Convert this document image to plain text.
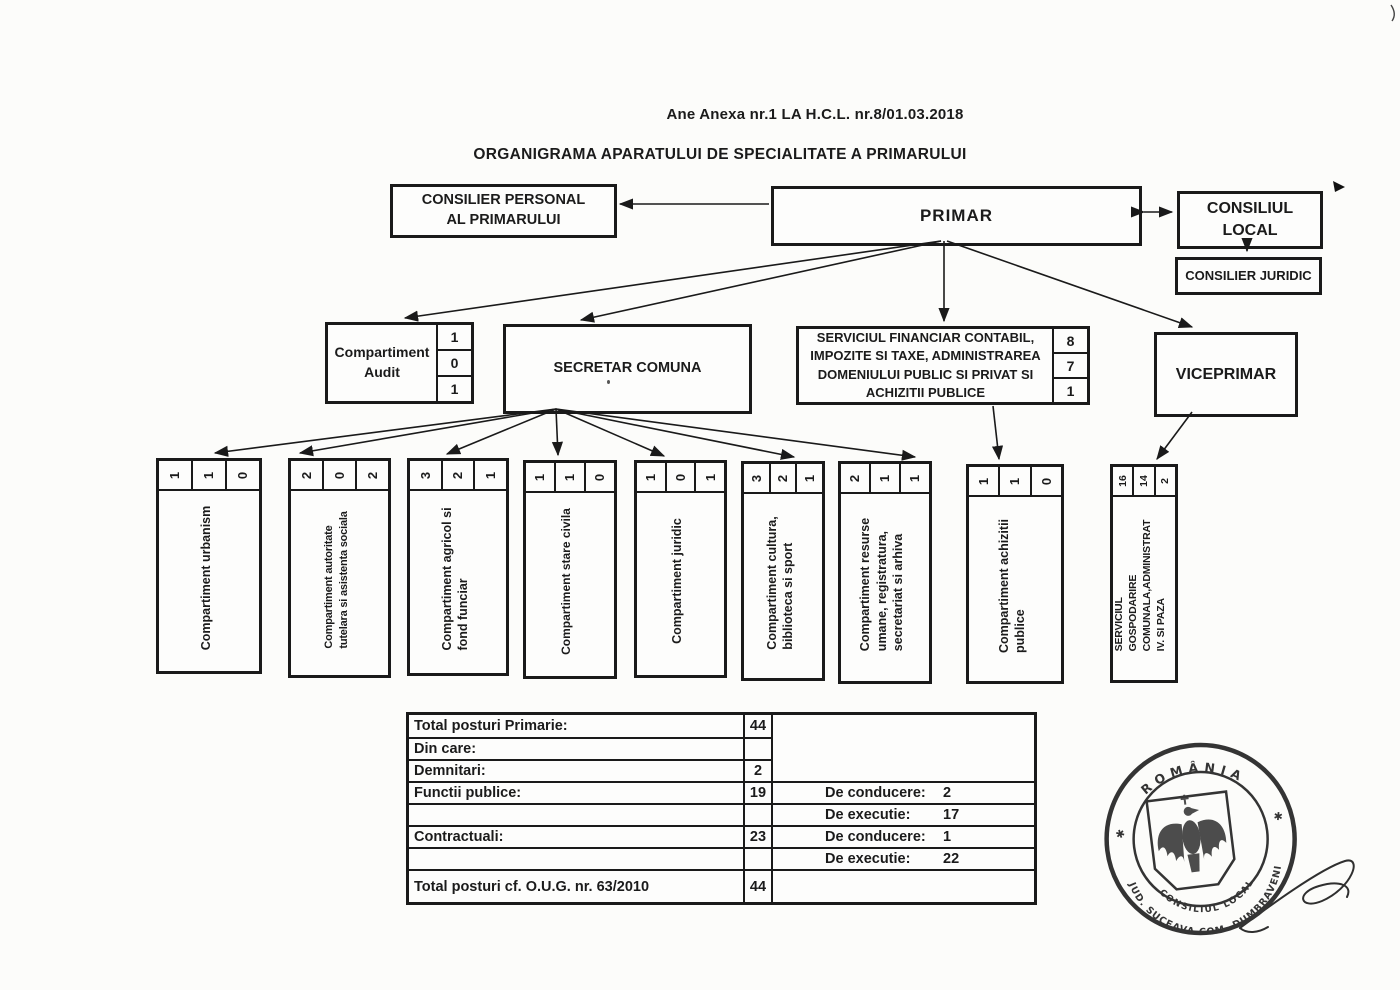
Ane Anexa nr.1 LA H.C.L. nr.8/01.03.2018
ORGANIGRAMA APARATULUI DE SPECIALITATE A PRIMARULUI
CONSILIER PERSONAL
AL PRIMARULUI	PRIMAR	CONSILIUL
LOCAL
CONSILIER JURIDIC
Compartiment
Audit
1
0
1
SECRETAR COMUNA
SERVICIUL FINANCIAR CONTABIL,
IMPOZITE SI TAXE, ADMINISTRAREA
DOMENIULUI PUBLIC SI PRIVAT SI
ACHIZITII PUBLICE
8
7
1
VICEPRIMAR
1 1 0
Compartiment urbanism
2 0 2
Compartiment autoritate tutelara si asistenta sociala
3 2 1
Compartiment agricol si fond funciar
1 1 0
Compartiment stare civila
1 0 1
Compartiment juridic
3 2 1
Compartiment cultura, biblioteca si sport
2 1 1
Compartiment resurse umane, registratura, secretariat si arhiva
1 1 0
Compartiment achizitii publice
16 14 2
SERVICIUL GOSPODARIRE COMUNALA,ADMINISTRAT IV. SI PAZA
Total posturi Primarie:	44
Din care:
Demnitari:	2
Functii publice:	19	De conducere:	2
De executie:	17
Contractuali:	23	De conducere:	1
De executie:	22
Total posturi cf. O.U.G. nr. 63/2010	44
ROMÂNIA
✱
✱
JUD. SUCEAVA COM. DUMBRAVENI
CONSILIUL LOCAL
